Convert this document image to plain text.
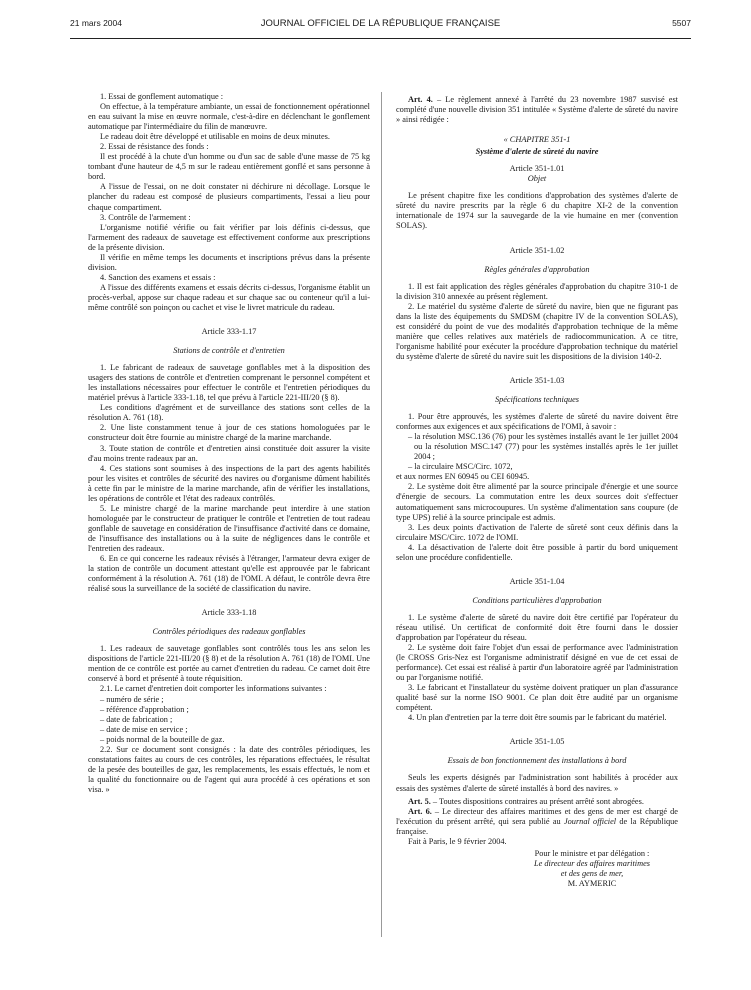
21 mars 2004	JOURNAL OFFICIEL DE LA RÉPUBLIQUE FRANÇAISE	5507

1. Essai de gonflement automatique :

On effectue, à la température ambiante, un essai de fonctionnement opérationnel en eau suivant la mise en œuvre normale, c'est-à-dire en déclenchant le gonflement automatique par l'intermédiaire du filin de manœuvre.

Le radeau doit être développé et utilisable en moins de deux minutes.

2. Essai de résistance des fonds :

Il est procédé à la chute d'un homme ou d'un sac de sable d'une masse de 75 kg tombant d'une hauteur de 4,5 m sur le radeau entièrement gonflé et sans personne à bord.

A l'issue de l'essai, on ne doit constater ni déchirure ni décollage. Lorsque le plancher du radeau est composé de plusieurs compartiments, l'essai a lieu pour chaque compartiment.

3. Contrôle de l'armement :

L'organisme notifié vérifie ou fait vérifier par lois définis ci-dessus, que l'armement des radeaux de sauvetage est effectivement conforme aux prescriptions de la présente division.

Il vérifie en même temps les documents et inscriptions prévus dans la présente division.

4. Sanction des examens et essais :

A l'issue des différents examens et essais décrits ci-dessus, l'organisme établit un procès-verbal, appose sur chaque radeau et sur chaque sac ou conteneur qu'il a lui-même contrôlé son poinçon ou cachet et vise le livret matricule du radeau.

Article 333-1.17

Stations de contrôle et d'entretien

1. Le fabricant de radeaux de sauvetage gonflables met à la disposition des usagers des stations de contrôle et d'entretien comprenant le personnel compétent et les installations nécessaires pour effectuer le contrôle et l'entretien périodiques du matériel prévus à l'article 333-1.18, tel que prévu à l'article 221-III/20 (§ 8).

Les conditions d'agrément et de surveillance des stations sont celles de la résolution A. 761 (18).

2. Une liste constamment tenue à jour de ces stations homologuées par le constructeur doit être fournie au ministre chargé de la marine marchande.

3. Toute station de contrôle et d'entretien ainsi constituée doit assurer la visite d'au moins trente radeaux par an.

4. Ces stations sont soumises à des inspections de la part des agents habilités pour les visites et contrôles de sécurité des navires ou d'organisme dûment habilités à cette fin par le ministre de la marine marchande, afin de vérifier les installations, les opérations de contrôle et l'état des radeaux contrôlés.

5. Le ministre chargé de la marine marchande peut interdire à une station homologuée par le constructeur de pratiquer le contrôle et l'entretien de tout radeau gonflable de sauvetage en considération de l'insuffisance d'activité dans ce domaine, de l'insuffisance des installations ou à la suite de négligences dans le contrôle et l'entretien des radeaux.

6. En ce qui concerne les radeaux révisés à l'étranger, l'armateur devra exiger de la station de contrôle un document attestant qu'elle est approuvée par le fabricant conformément à la résolution A. 761 (18) de l'OMI. A défaut, le contrôle devra être réalisé sous la surveillance de la société de classification du navire.

Article 333-1.18

Contrôles périodiques des radeaux gonflables

1. Les radeaux de sauvetage gonflables sont contrôlés tous les ans selon les dispositions de l'article 221-III/20 (§ 8) et de la résolution A. 761 (18) de l'OMI. Une mention de ce contrôle est portée au carnet d'entretien du radeau. Ce carnet doit être conservé à bord et présenté à toute réquisition.

2.1. Le carnet d'entretien doit comporter les informations suivantes :

– numéro de série ;

– référence d'approbation ;

– date de fabrication ;

– date de mise en service ;

– poids normal de la bouteille de gaz.

2.2. Sur ce document sont consignés : la date des contrôles périodiques, les constatations faites au cours de ces contrôles, les réparations effectuées, le résultat de la pesée des bouteilles de gaz, les remplacements, les essais effectués, le nom et la qualité du fonctionnaire ou de l'agent qui aura procédé à ces opérations et son visa. »

Art. 4. – Le règlement annexé à l'arrêté du 23 novembre 1987 susvisé est complété d'une nouvelle division 351 intitulée « Système d'alerte de sûreté du navire » ainsi rédigée :

« CHAPITRE 351-1

Système d'alerte de sûreté du navire

Article 351-1.01

Objet

Le présent chapitre fixe les conditions d'approbation des systèmes d'alerte de sûreté du navire prescrits par la règle 6 du chapitre XI-2 de la convention internationale de 1974 sur la sauvegarde de la vie humaine en mer (convention SOLAS).

Article 351-1.02

Règles générales d'approbation

1. Il est fait application des règles générales d'approbation du chapitre 310-1 de la division 310 annexée au présent règlement.

2. Le matériel du système d'alerte de sûreté du navire, bien que ne figurant pas dans la liste des équipements du SMDSM (chapitre IV de la convention SOLAS), est considéré du point de vue des modalités d'approbation technique de la même manière que celles relatives aux matériels de radiocommunication. A ce titre, l'organisme habilité pour exécuter la procédure d'approbation technique du matériel du système d'alerte de sûreté du navire suit les dispositions de la division 140-2.

Article 351-1.03

Spécifications techniques

1. Pour être approuvés, les systèmes d'alerte de sûreté du navire doivent être conformes aux exigences et aux spécifications de l'OMI, à savoir :

– la résolution MSC.136 (76) pour les systèmes installés avant le 1er juillet 2004 ou la résolution MSC.147 (77) pour les systèmes installés après le 1er juillet 2004 ;

– la circulaire MSC/Circ. 1072,

et aux normes EN 60945 ou CEI 60945.

2. Le système doit être alimenté par la source principale d'énergie et une source d'énergie de secours. La commutation entre les deux sources doit s'effectuer automatiquement sans microcoupures. Un système d'alimentation sans coupure (de type UPS) relié à la source principale est admis.

3. Les deux points d'activation de l'alerte de sûreté sont ceux définis dans la circulaire MSC/Circ. 1072 de l'OMI.

4. La désactivation de l'alerte doit être possible à partir du bord uniquement selon une procédure confidentielle.

Article 351-1.04

Conditions particulières d'approbation

1. Le système d'alerte de sûreté du navire doit être certifié par l'opérateur du réseau utilisé. Un certificat de conformité doit être fourni dans le dossier d'approbation par l'opérateur du réseau.

2. Le système doit faire l'objet d'un essai de performance avec l'administration (le CROSS Gris-Nez est l'organisme administratif désigné en vue de cet essai de performance). Cet essai est réalisé à partir d'un laboratoire agréé par l'administration ou par l'organisme notifié.

3. Le fabricant et l'installateur du système doivent pratiquer un plan d'assurance qualité basé sur la norme ISO 9001. Ce plan doit être audité par un organisme compétent.

4. Un plan d'entretien par la terre doit être soumis par le fabricant du matériel.

Article 351-1.05

Essais de bon fonctionnement des installations à bord

Seuls les experts désignés par l'administration sont habilités à procéder aux essais des systèmes d'alerte de sûreté installés à bord des navires. »

Art. 5. – Toutes dispositions contraires au présent arrêté sont abrogées.

Art. 6. – Le directeur des affaires maritimes et des gens de mer est chargé de l'exécution du présent arrêté, qui sera publié au Journal officiel de la République française.

Fait à Paris, le 9 février 2004.

Pour le ministre et par délégation :
Le directeur des affaires maritimes
et des gens de mer,
M. AYMERIC
